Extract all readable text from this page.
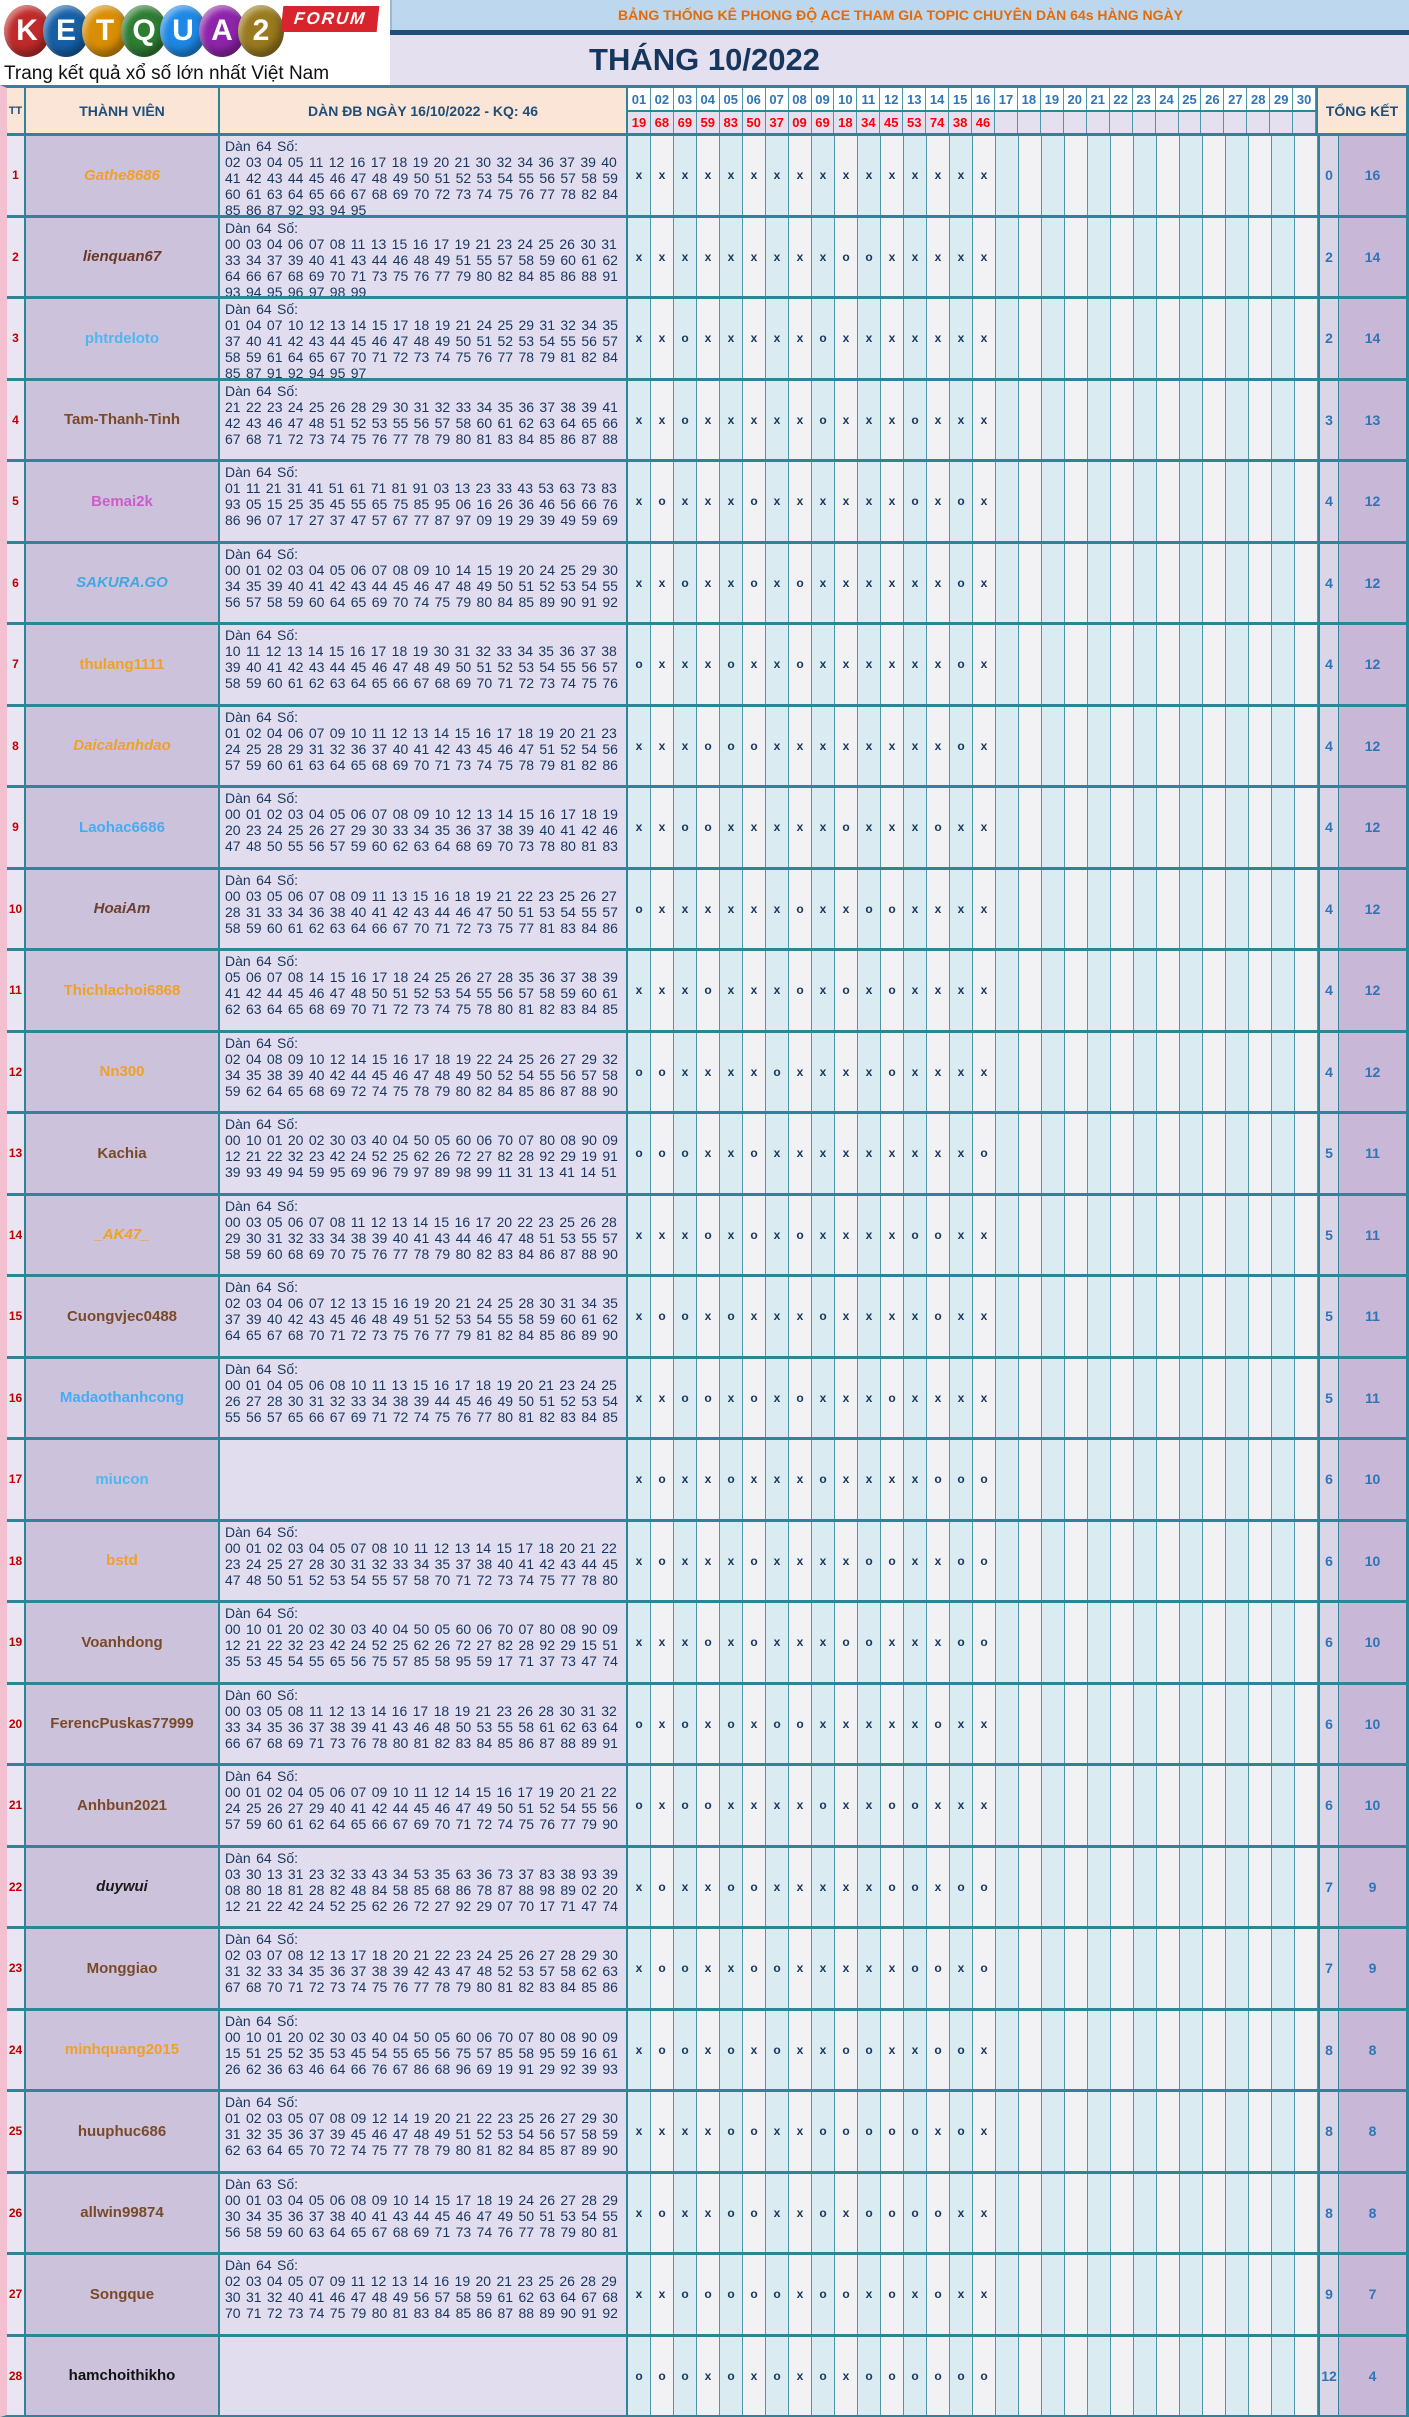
K E T Q U A 2	FORUM
Trang kết quả xổ số lớn nhất Việt Nam
BẢNG THỐNG KÊ PHONG ĐỘ ACE THAM GIA TOPIC CHUYÊN DÀN 64s HÀNG NGÀY
THÁNG 10/2022
TT	THÀNH VIÊN	DÀN ĐB NGÀY 16/10/2022 - KQ: 46
01 02 03 04 05 06 07 08 09 10 11 12 13 14 15 16 17 18 19 20 21 22 23 24 25 26 27 28 29 30
19 68 69 59 83 50 37 09 69 18 34 45 53 74 38 46
TỔNG KẾT
1	Gathe8686
Dàn 64 Số:
02 03 04 05 11 12 16 17 18 19 20 21 30 32 34 36 37 39 40
41 42 43 44 45 46 47 48 49 50 51 52 53 54 55 56 57 58 59
60 61 63 64 65 66 67 68 69 70 72 73 74 75 76 77 78 82 84
85 86 87 92 93 94 95
x	x	x	x	x	x	x	x	x	x	x	x	x	x	x	x	0	16
2	lienquan67
Dàn 64 Số:
00 03 04 06 07 08 11 13 15 16 17 19 21 23 24 25 26 30 31
33 34 37 39 40 41 43 44 46 48 49 51 55 57 58 59 60 61 62
64 66 67 68 69 70 71 73 75 76 77 79 80 82 84 85 86 88 91
93 94 95 96 97 98 99
x	x	x	x	x	x	x	x	x	o	o	x	x	x	x	x	2	14
3	phtrdeloto
Dàn 64 Số:
01 04 07 10 12 13 14 15 17 18 19 21 24 25 29 31 32 34 35
37 40 41 42 43 44 45 46 47 48 49 50 51 52 53 54 55 56 57
58 59 61 64 65 67 70 71 72 73 74 75 76 77 78 79 81 82 84
85 87 91 92 94 95 97
x	x	o	x	x	x	x	x	o	x	x	x	x	x	x	x	2	14
4	Tam-Thanh-Tinh
Dàn 64 Số:
21 22 23 24 25 26 28 29 30 31 32 33 34 35 36 37 38 39 41
42 43 46 47 48 51 52 53 55 56 57 58 60 61 62 63 64 65 66
67 68 71 72 73 74 75 76 77 78 79 80 81 83 84 85 86 87 88
x	x	o	x	x	x	x	x	o	x	x	x	o	x	x	x	3	13
5	Bemai2k
Dàn 64 Số:
01 11 21 31 41 51 61 71 81 91 03 13 23 33 43 53 63 73 83
93 05 15 25 35 45 55 65 75 85 95 06 16 26 36 46 56 66 76
86 96 07 17 27 37 47 57 67 77 87 97 09 19 29 39 49 59 69
x	o	x	x	x	o	x	x	x	x	x	x	o	x	o	x	4	12
6	SAKURA.GO
Dàn 64 Số:
00 01 02 03 04 05 06 07 08 09 10 14 15 19 20 24 25 29 30
34 35 39 40 41 42 43 44 45 46 47 48 49 50 51 52 53 54 55
56 57 58 59 60 64 65 69 70 74 75 79 80 84 85 89 90 91 92
x	x	o	x	x	o	x	o	x	x	x	x	x	x	o	x	4	12
7	thulang1111
Dàn 64 Số:
10 11 12 13 14 15 16 17 18 19 30 31 32 33 34 35 36 37 38
39 40 41 42 43 44 45 46 47 48 49 50 51 52 53 54 55 56 57
58 59 60 61 62 63 64 65 66 67 68 69 70 71 72 73 74 75 76
o	x	x	x	o	x	x	o	x	x	x	x	x	x	o	x	4	12
8	Daicalanhdao
Dàn 64 Số:
01 02 04 06 07 09 10 11 12 13 14 15 16 17 18 19 20 21 23
24 25 28 29 31 32 36 37 40 41 42 43 45 46 47 51 52 54 56
57 59 60 61 63 64 65 68 69 70 71 73 74 75 78 79 81 82 86
x	x	x	o	o	o	x	x	x	x	x	x	x	x	o	x	4	12
9	Laohac6686
Dàn 64 Số:
00 01 02 03 04 05 06 07 08 09 10 12 13 14 15 16 17 18 19
20 23 24 25 26 27 29 30 33 34 35 36 37 38 39 40 41 42 46
47 48 50 55 56 57 59 60 62 63 64 68 69 70 73 78 80 81 83
x	x	o	o	x	x	x	x	x	o	x	x	x	o	x	x	4	12
10	HoaiAm
Dàn 64 Số:
00 03 05 06 07 08 09 11 13 15 16 18 19 21 22 23 25 26 27
28 31 33 34 36 38 40 41 42 43 44 46 47 50 51 53 54 55 57
58 59 60 61 62 63 64 66 67 70 71 72 73 75 77 81 83 84 86
o	x	x	x	x	x	x	o	x	x	o	o	x	x	x	x	4	12
11	Thichlachoi6868
Dàn 64 Số:
05 06 07 08 14 15 16 17 18 24 25 26 27 28 35 36 37 38 39
41 42 44 45 46 47 48 50 51 52 53 54 55 56 57 58 59 60 61
62 63 64 65 68 69 70 71 72 73 74 75 78 80 81 82 83 84 85
x	x	x	o	x	x	x	o	x	o	x	o	x	x	x	x	4	12
12	Nn300
Dàn 64 Số:
02 04 08 09 10 12 14 15 16 17 18 19 22 24 25 26 27 29 32
34 35 38 39 40 42 44 45 46 47 48 49 50 52 54 55 56 57 58
59 62 64 65 68 69 72 74 75 78 79 80 82 84 85 86 87 88 90
o	o	x	x	x	x	o	x	x	x	x	o	x	x	x	x	4	12
13	Kachia
Dàn 64 Số:
00 10 01 20 02 30 03 40 04 50 05 60 06 70 07 80 08 90 09
12 21 22 32 23 42 24 52 25 62 26 72 27 82 28 92 29 19 91
39 93 49 94 59 95 69 96 79 97 89 98 99 11 31 13 41 14 51
o	o	o	x	x	o	x	x	x	x	x	x	x	x	x	o	5	11
14	_AK47_
Dàn 64 Số:
00 03 05 06 07 08 11 12 13 14 15 16 17 20 22 23 25 26 28
29 30 31 32 33 34 38 39 40 41 43 44 46 47 48 51 53 55 57
58 59 60 68 69 70 75 76 77 78 79 80 82 83 84 86 87 88 90
x	x	x	o	x	o	x	o	x	x	x	x	o	o	x	x	5	11
15	Cuongvjec0488
Dàn 64 Số:
02 03 04 06 07 12 13 15 16 19 20 21 24 25 28 30 31 34 35
37 39 40 42 43 45 46 48 49 51 52 53 54 55 58 59 60 61 62
64 65 67 68 70 71 72 73 75 76 77 79 81 82 84 85 86 89 90
x	o	o	x	o	x	x	x	o	x	x	x	x	o	x	x	5	11
16	Madaothanhcong
Dàn 64 Số:
00 01 04 05 06 08 10 11 13 15 16 17 18 19 20 21 23 24 25
26 27 28 30 31 32 33 34 38 39 44 45 46 49 50 51 52 53 54
55 56 57 65 66 67 69 71 72 74 75 76 77 80 81 82 83 84 85
x	x	o	o	x	o	x	o	x	x	x	o	x	x	x	x	5	11
17	miucon	x	o	x	x	o	x	x	x	o	x	x	x	x	o	o	o	6	10
18	bstd
Dàn 64 Số:
00 01 02 03 04 05 07 08 10 11 12 13 14 15 17 18 20 21 22
23 24 25 27 28 30 31 32 33 34 35 37 38 40 41 42 43 44 45
47 48 50 51 52 53 54 55 57 58 70 71 72 73 74 75 77 78 80
x	o	x	x	x	o	x	x	x	x	o	o	x	x	o	o	6	10
19	Voanhdong
Dàn 64 Số:
00 10 01 20 02 30 03 40 04 50 05 60 06 70 07 80 08 90 09
12 21 22 32 23 42 24 52 25 62 26 72 27 82 28 92 29 15 51
35 53 45 54 55 65 56 75 57 85 58 95 59 17 71 37 73 47 74
x	x	x	o	x	o	x	x	x	o	o	x	x	x	o	o	6	10
20	FerencPuskas77999
Dàn 60 Số:
00 03 05 08 11 12 13 14 16 17 18 19 21 23 26 28 30 31 32
33 34 35 36 37 38 39 41 43 46 48 50 53 55 58 61 62 63 64
66 67 68 69 71 73 76 78 80 81 82 83 84 85 86 87 88 89 91
o	x	o	x	o	x	o	o	x	x	x	x	x	o	x	x	6	10
21	Anhbun2021
Dàn 64 Số:
00 01 02 04 05 06 07 09 10 11 12 14 15 16 17 19 20 21 22
24 25 26 27 29 40 41 42 44 45 46 47 49 50 51 52 54 55 56
57 59 60 61 62 64 65 66 67 69 70 71 72 74 75 76 77 79 90
o	x	o	o	x	x	x	x	o	x	x	o	o	x	x	x	6	10
22	duywui
Dàn 64 Số:
03 30 13 31 23 32 33 43 34 53 35 63 36 73 37 83 38 93 39
08 80 18 81 28 82 48 84 58 85 68 86 78 87 88 98 89 02 20
12 21 22 42 24 52 25 62 26 72 27 92 29 07 70 17 71 47 74
x	o	x	x	o	o	x	x	x	x	x	o	o	x	o	o	7	9
23	Monggiao
Dàn 64 Số:
02 03 07 08 12 13 17 18 20 21 22 23 24 25 26 27 28 29 30
31 32 33 34 35 36 37 38 39 42 43 47 48 52 53 57 58 62 63
67 68 70 71 72 73 74 75 76 77 78 79 80 81 82 83 84 85 86
x	o	o	x	x	o	o	x	x	x	x	x	o	o	x	o	7	9
24	minhquang2015
Dàn 64 Số:
00 10 01 20 02 30 03 40 04 50 05 60 06 70 07 80 08 90 09
15 51 25 52 35 53 45 54 55 65 56 75 57 85 58 95 59 16 61
26 62 36 63 46 64 66 76 67 86 68 96 69 19 91 29 92 39 93
x	o	o	x	o	x	o	x	x	o	o	x	x	o	o	x	8	8
25	huuphuc686
Dàn 64 Số:
01 02 03 05 07 08 09 12 14 19 20 21 22 23 25 26 27 29 30
31 32 35 36 37 39 45 46 47 48 49 51 52 53 54 56 57 58 59
62 63 64 65 70 72 74 75 77 78 79 80 81 82 84 85 87 89 90
x	x	x	x	o	o	x	x	o	o	o	o	o	x	o	x	8	8
26	allwin99874
Dàn 63 Số:
00 01 03 04 05 06 08 09 10 14 15 17 18 19 24 26 27 28 29
30 34 35 36 37 38 40 41 43 44 45 46 47 49 50 51 53 54 55
56 58 59 60 63 64 65 67 68 69 71 73 74 76 77 78 79 80 81
x	o	x	x	o	o	x	x	o	x	o	o	o	o	x	x	8	8
27	Songque
Dàn 64 Số:
02 03 04 05 07 09 11 12 13 14 16 19 20 21 23 25 26 28 29
30 31 32 40 41 46 47 48 49 56 57 58 59 61 62 63 64 67 68
70 71 72 73 74 75 79 80 81 83 84 85 86 87 88 89 90 91 92
x	x	o	o	o	o	o	x	o	o	x	o	x	o	x	x	9	7
28	hamchoithikho	o	o	o	x	o	x	o	x	o	x	o	o	o	o	o	o	12	4
